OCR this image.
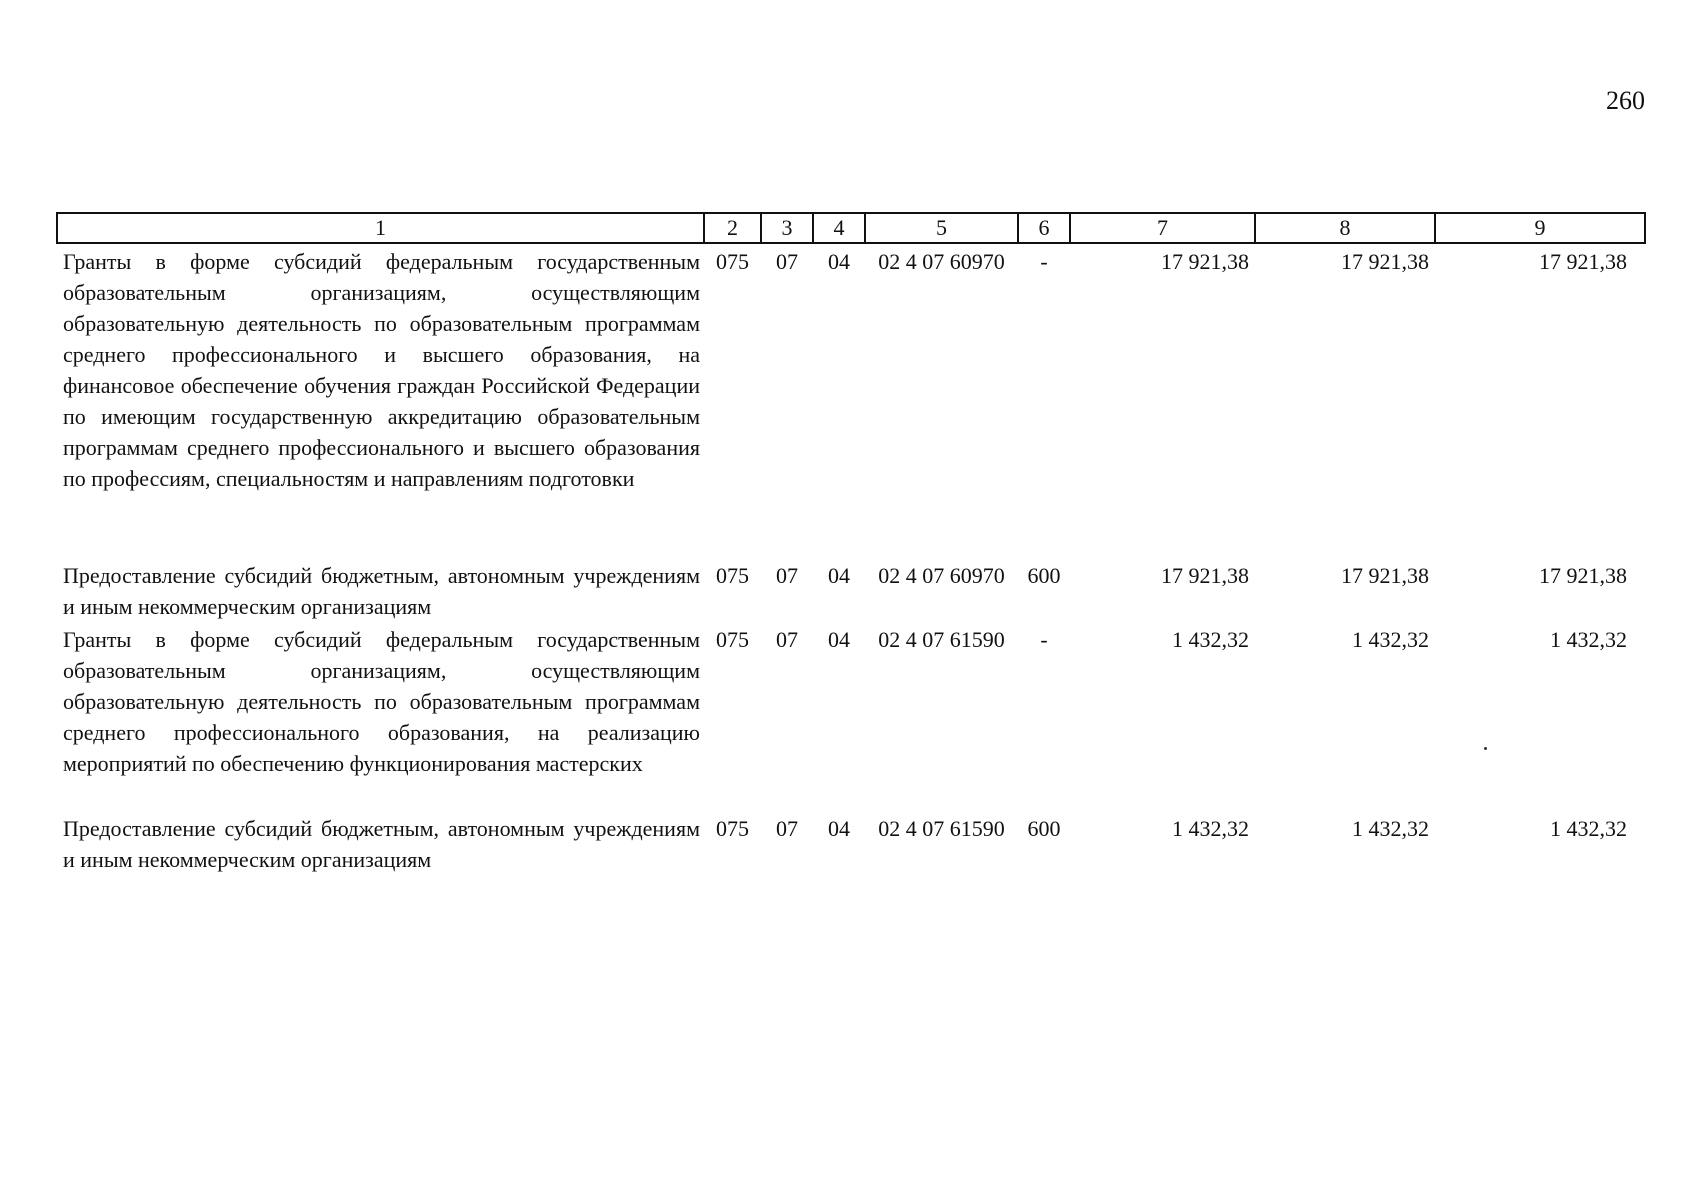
260
1	2	3	4	5	6	7	8	9
Гранты в форме субсидий федеральным государственным образовательным организациям, осуществляющим образовательную деятельность по образовательным программам среднего профессионального и высшего образования, на финансовое обеспечение обучения граждан Российской Федерации по имеющим государственную аккредитацию образовательным программам среднего профессионального и высшего образования по профессиям, специальностям и направлениям подготовки	075	07	04	02 4 07 60970	-	17 921,38	17 921,38	17 921,38
Предоставление субсидий бюджетным, автономным учреждениям и иным некоммерческим организациям	075	07	04	02 4 07 60970	600	17 921,38	17 921,38	17 921,38
Гранты в форме субсидий федеральным государственным образовательным организациям, осуществляющим образовательную деятельность по образовательным программам среднего профессионального образования, на реализацию мероприятий по обеспечению функционирования мастерских	075	07	04	02 4 07 61590	-	1 432,32	1 432,32	1 432,32
Предоставление субсидий бюджетным, автономным учреждениям и иным некоммерческим организациям	075	07	04	02 4 07 61590	600	1 432,32	1 432,32	1 432,32
